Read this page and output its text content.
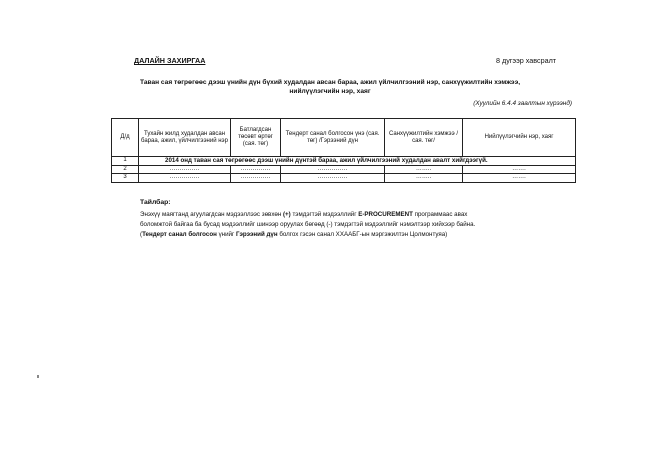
ДАЛАЙН ЗАХИРГАА	8 дугээр хавсралт
Таван сая төгрөгөөс дээш үнийн дүн бүхий худалдан авсан бараа, ажил үйлчилгээний нэр, санхүүжилтийн хэмжээ,
нийлүүлэгчийн нэр, хаяг
(Хуулийн 6.4.4 заалтын хүрээнд)
Д/д	Тухайн жилд худалдан авсан бараа, ажил, үйлчилгээний нэр	Батлагдсан төсөвт өртөг (сая. төг)	Тендерт санал болгосон үнэ (сая. төг) /Гэрээний дүн	Санхүүжилтийн хэмжээ /сая. төг/	Нийлүүлэгчийн нэр, хаяг
1	2014 онд таван сая төгрөгөөс дээш үнийн дүнтэй бараа, ажил үйлчилгээний худалдан авалт хийгдээгүй.				
2	……………	……………	……………	……..	…….
3	……………	……………	……………	……..	…….
Тайлбар:
Энэхүү маягтанд агуулагдсан мэдээллээс зөвхөн (+) тэмдэгтэй мэдээллийг E-PROCUREMENT программаас авах
боломжтой байгаа ба бусад мэдээллийг шинээр оруулах бөгөөд (-) тэмдэгтэй мэдээллийг нэмэлтээр хийхээр байна.
(Тендерт санал болгосон үнийг Гэрээний дүн болгох гэсэн санал ХХААБГ-ын мэргэжилтэн Цолмонтуяа)
